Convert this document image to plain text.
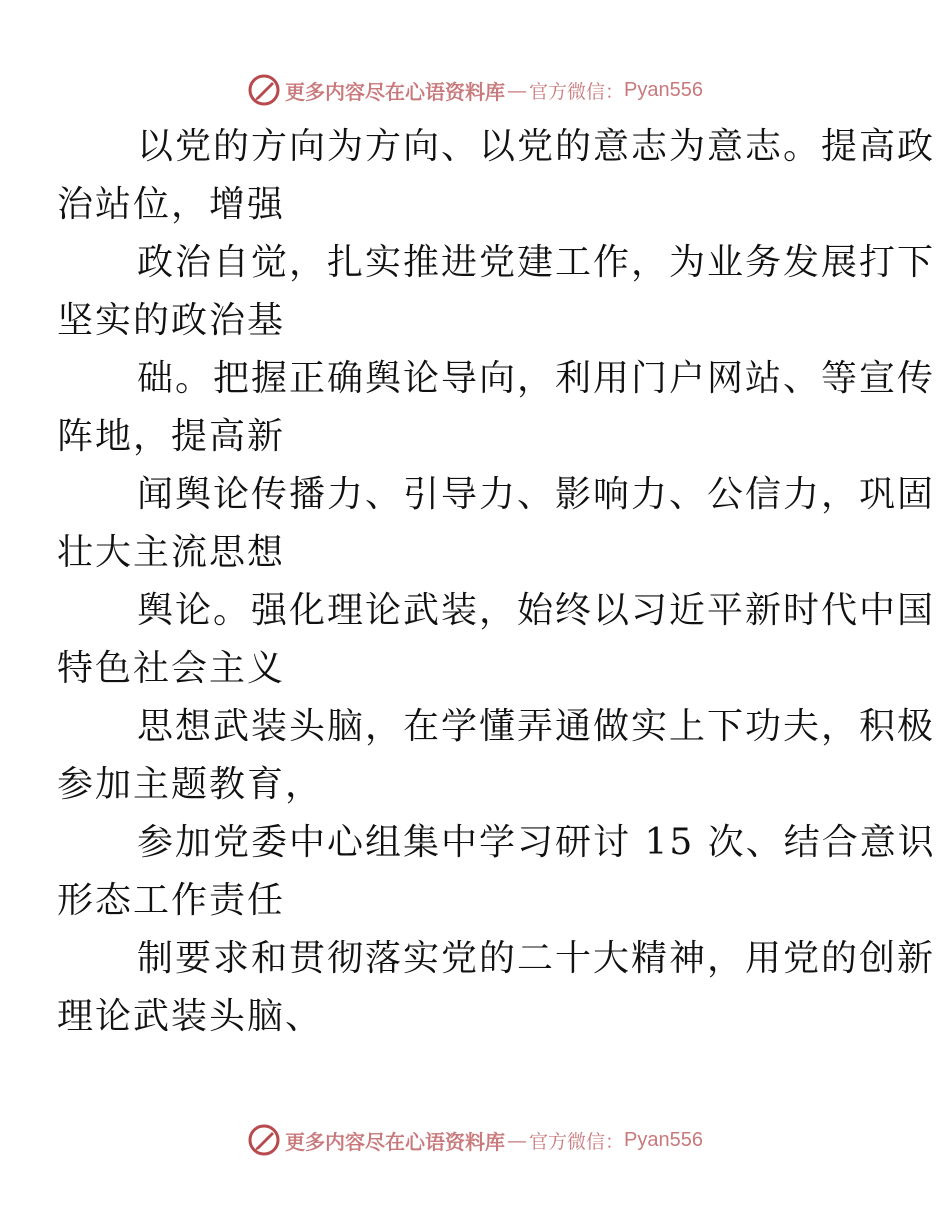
更多内容尽在心语资料库 — 官方微信： Pyan556

以党的方向为方向、以党的意志为意志。提高政
治站位，增强

政治自觉，扎实推进党建工作，为业务发展打下
坚实的政治基

础。把握正确舆论导向，利用门户网站、等宣传
阵地，提高新

闻舆论传播力、引导力、影响力、公信力，巩固
壮大主流思想

舆论。强化理论武装，始终以习近平新时代中国
特色社会主义

思想武装头脑，在学懂弄通做实上下功夫，积极
参加主题教育，

参加党委中心组集中学习研讨 15 次、结合意识
形态工作责任

制要求和贯彻落实党的二十大精神，用党的创新
理论武装头脑、

更多内容尽在心语资料库 — 官方微信： Pyan556
